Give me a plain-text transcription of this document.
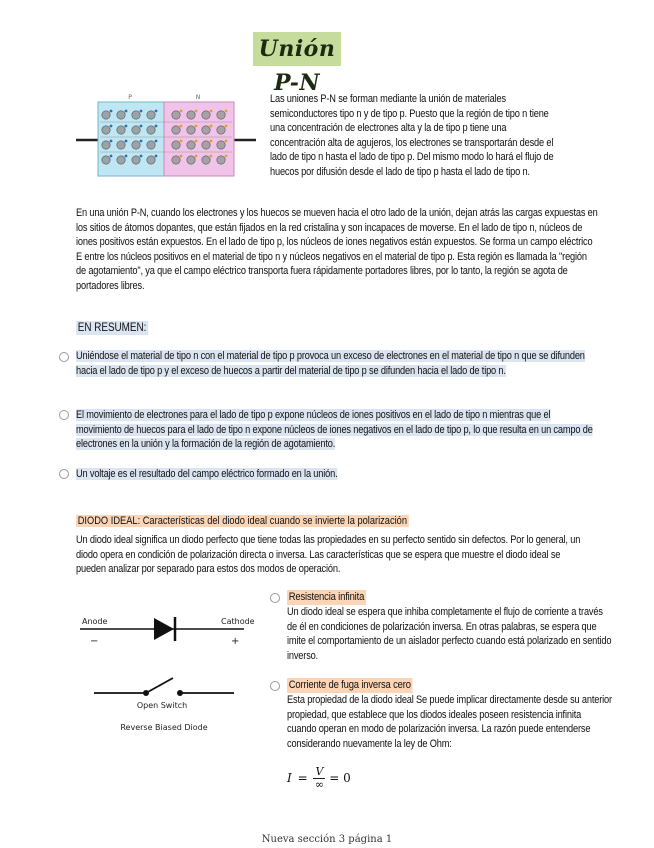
Unión P-N
P	N	Las uniones P-N se forman mediante la unión de materiales semiconductores tipo n y de tipo p. Puesto que la región de tipo n tiene una concentración de electrones alta y la de tipo p tiene una concentración alta de agujeros, los electrones se transportarán desde el lado de tipo n hasta el lado de tipo p. Del mismo modo lo hará el flujo de huecos por difusión desde el lado de tipo p hasta el lado de tipo n.
En una unión P-N, cuando los electrones y los huecos se mueven hacia el otro lado de la unión, dejan atrás las cargas expuestas en los sitios de átomos dopantes, que están fijados en la red cristalina y son incapaces de moverse. En el lado de tipo n, núcleos de iones positivos están expuestos. En el lado de tipo p, los núcleos de iones negativos están expuestos. Se forma un campo eléctrico E entre los núcleos positivos en el material de tipo n y núcleos negativos en el material de tipo p. Esta región es llamada la "región de agotamiento", ya que el campo eléctrico transporta fuera rápidamente portadores libres, por lo tanto, la región se agota de portadores libres.
EN RESUMEN:
Uniéndose el material de tipo n con el material de tipo p provoca un exceso de electrones en el material de tipo n que se difunden hacia el lado de tipo p y el exceso de huecos a partir del material de tipo p se difunden hacia el lado de tipo n.
El movimiento de electrones para el lado de tipo p expone núcleos de iones positivos en el lado de tipo n mientras que el movimiento de huecos para el lado de tipo n expone núcleos de iones negativos en el lado de tipo p, lo que resulta en un campo de electrones en la unión y la formación de la región de agotamiento.
Un voltaje es el resultado del campo eléctrico formado en la unión.
DIODO IDEAL: Características del diodo ideal cuando se invierte la polarización
Un diodo ideal significa un diodo perfecto que tiene todas las propiedades en su perfecto sentido sin defectos. Por lo general, un diodo opera en condición de polarización directa o inversa. Las características que se espera que muestre el diodo ideal se pueden analizar por separado para estos dos modos de operación.
Anode	Cathode
−	+
Open Switch
Reverse Biased Diode
Resistencia infinita
Un diodo ideal se espera que inhiba completamente el flujo de corriente a través de él en condiciones de polarización inversa. En otras palabras, se espera que imite el comportamiento de un aislador perfecto cuando está polarizado en sentido inverso.
Corriente de fuga inversa cero
Esta propiedad de la diodo ideal Se puede implicar directamente desde su anterior propiedad, que establece que los diodos ideales poseen resistencia infinita cuando operan en modo de polarización inversa. La razón puede entenderse considerando nuevamente la ley de Ohm:
I = V
∞ = 0
Nueva sección 3 página 1
